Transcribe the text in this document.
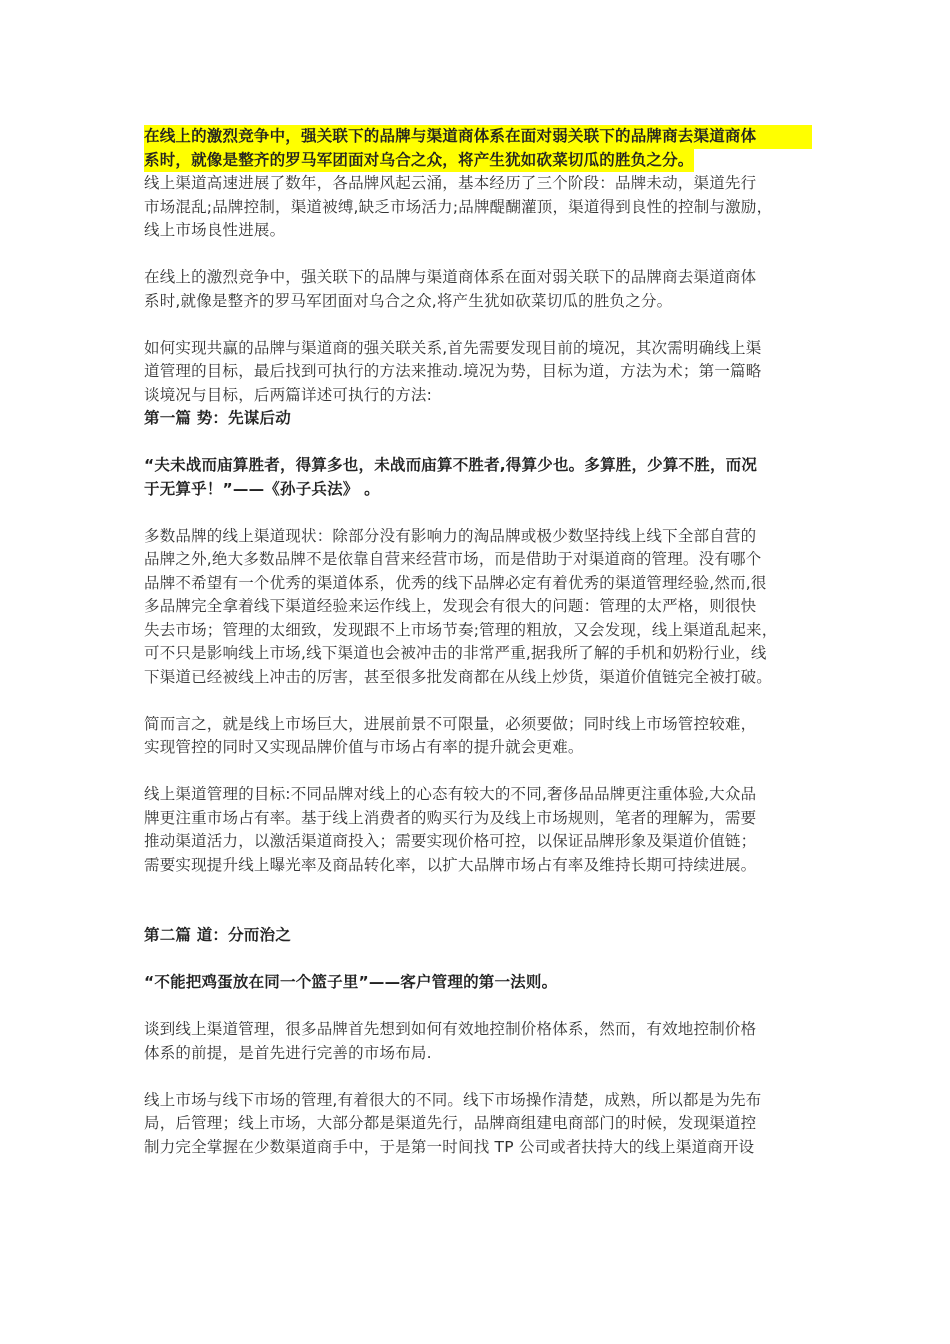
在线上的激烈竞争中，强关联下的品牌与渠道商体系在面对弱关联下的品牌商去渠道商体
系时，就像是整齐的罗马军团面对乌合之众，将产生犹如砍菜切瓜的胜负之分。

线上渠道高速进展了数年，各品牌风起云涌，基本经历了三个阶段：品牌未动，渠道先行
市场混乱;品牌控制，渠道被缚,缺乏市场活力;品牌醍醐灌顶，渠道得到良性的控制与激励，
线上市场良性进展。

在线上的激烈竞争中，强关联下的品牌与渠道商体系在面对弱关联下的品牌商去渠道商体
系时,就像是整齐的罗马军团面对乌合之众,将产生犹如砍菜切瓜的胜负之分。

如何实现共赢的品牌与渠道商的强关联关系,首先需要发现目前的境况，其次需明确线上渠
道管理的目标，最后找到可执行的方法来推动.境况为势，目标为道，方法为术；第一篇略
谈境况与目标，后两篇详述可执行的方法:

第一篇 势：先谋后动

“夫未战而庙算胜者，得算多也，未战而庙算不胜者,得算少也。多算胜，少算不胜，而况
于无算乎！”——《孙子兵法》 。

多数品牌的线上渠道现状：除部分没有影响力的淘品牌或极少数坚持线上线下全部自营的
品牌之外,绝大多数品牌不是依靠自营来经营市场，而是借助于对渠道商的管理。没有哪个
品牌不希望有一个优秀的渠道体系，优秀的线下品牌必定有着优秀的渠道管理经验,然而,很
多品牌完全拿着线下渠道经验来运作线上，发现会有很大的问题：管理的太严格，则很快
失去市场；管理的太细致，发现跟不上市场节奏;管理的粗放，又会发现，线上渠道乱起来，
可不只是影响线上市场,线下渠道也会被冲击的非常严重,据我所了解的手机和奶粉行业，线
下渠道已经被线上冲击的厉害，甚至很多批发商都在从线上炒货，渠道价值链完全被打破。

简而言之，就是线上市场巨大，进展前景不可限量，必须要做；同时线上市场管控较难，
实现管控的同时又实现品牌价值与市场占有率的提升就会更难。

线上渠道管理的目标:不同品牌对线上的心态有较大的不同,奢侈品品牌更注重体验,大众品
牌更注重市场占有率。基于线上消费者的购买行为及线上市场规则，笔者的理解为，需要
推动渠道活力，以激活渠道商投入；需要实现价格可控，以保证品牌形象及渠道价值链；
需要实现提升线上曝光率及商品转化率，以扩大品牌市场占有率及维持长期可持续进展。

第二篇 道：分而治之

“不能把鸡蛋放在同一个篮子里”——客户管理的第一法则。

谈到线上渠道管理，很多品牌首先想到如何有效地控制价格体系，然而，有效地控制价格
体系的前提，是首先进行完善的市场布局.

线上市场与线下市场的管理,有着很大的不同。线下市场操作清楚，成熟，所以都是为先布
局，后管理；线上市场，大部分都是渠道先行，品牌商组建电商部门的时候，发现渠道控
制力完全掌握在少数渠道商手中，于是第一时间找 TP 公司或者扶持大的线上渠道商开设
